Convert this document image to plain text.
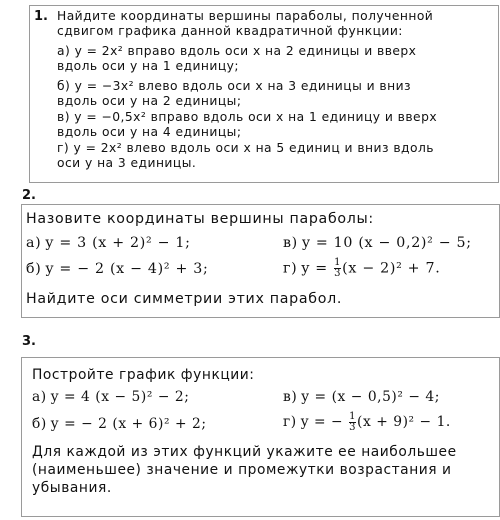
1. Найдите координаты вершины параболы, полученной
сдвигом графика данной квадратичной функции:
а) y = 2x² вправо вдоль оси x на 2 единицы и вверх
вдоль оси y на 1 единицу;
б) y = −3x² влево вдоль оси x на 3 единицы и вниз
вдоль оси y на 2 единицы;
в) y = −0,5x² вправо вдоль оси x на 1 единицу и вверх
вдоль оси y на 4 единицы;
г) y = 2x² влево вдоль оси x на 5 единиц и вниз вдоль
оси y на 3 единицы.
2.
Назовите координаты вершины параболы:
а) y = 3 (x + 2)² − 1;	в) y = 10 (x − 0,2)² − 5;
б) y = − 2 (x − 4)² + 3;	г) $y = \frac{1}{3} (x - 2)^2 + 7$.
Найдите оси симметрии этих парабол.
3.
Постройте график функции:
а) y = 4 (x − 5)² − 2;	в) y = (x − 0,5)² − 4;
б) y = − 2 (x + 6)² + 2;	г) y = − $\frac{1}{3} (x + 9)^2 - 1$.
Для каждой из этих функций укажите ее наибольшее
(наименьшее) значение и промежутки возрастания и
убывания.
